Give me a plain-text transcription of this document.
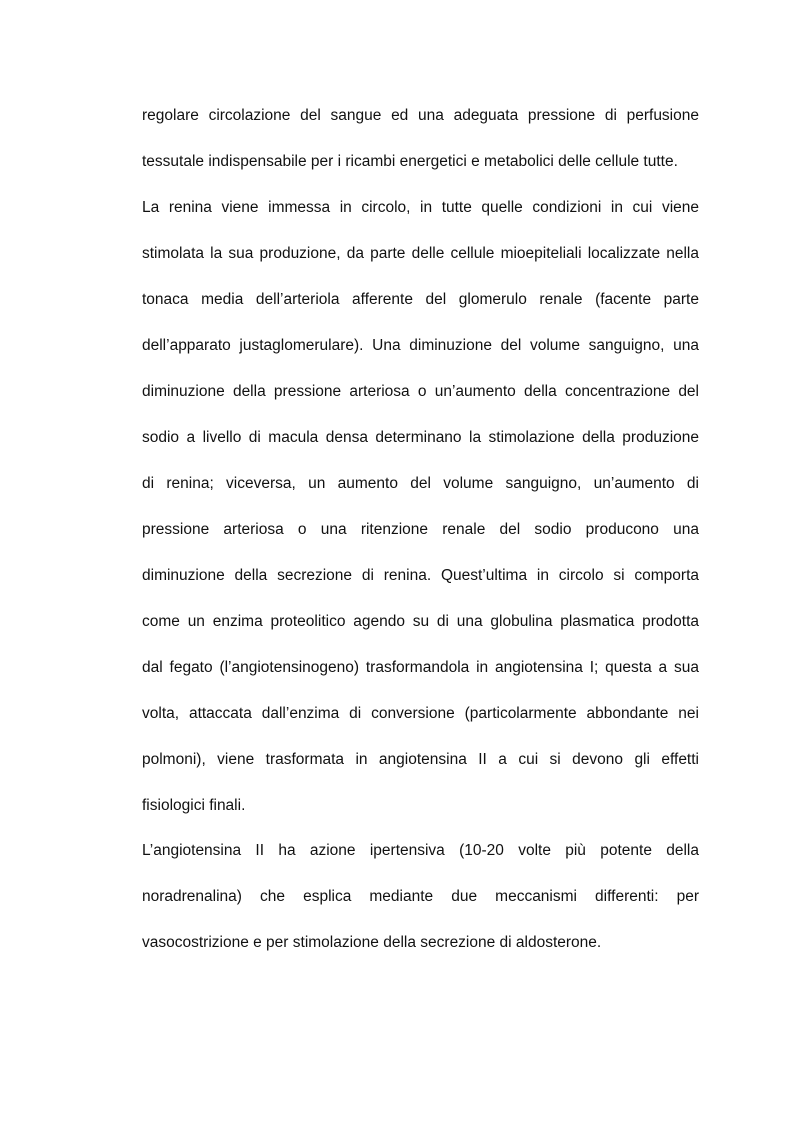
regolare circolazione del sangue ed una adeguata pressione di perfusione
tessutale indispensabile per i ricambi energetici e metabolici delle cellule tutte.
La renina viene immessa in circolo, in tutte quelle condizioni in cui viene
stimolata la sua produzione, da parte delle cellule mioepiteliali localizzate nella
tonaca media dell’arteriola afferente del glomerulo renale (facente parte
dell’apparato justaglomerulare). Una diminuzione del volume sanguigno, una
diminuzione della pressione arteriosa o un’aumento della concentrazione del
sodio a livello di macula densa determinano la stimolazione della produzione
di renina; viceversa, un aumento del volume sanguigno, un’aumento di
pressione arteriosa o una ritenzione renale del sodio producono una
diminuzione della secrezione di renina. Quest’ultima in circolo si comporta
come un enzima proteolitico agendo su di una globulina plasmatica prodotta
dal fegato (l’angiotensinogeno) trasformandola in angiotensina I; questa a sua
volta, attaccata dall’enzima di conversione (particolarmente abbondante nei
polmoni), viene trasformata in angiotensina II a cui si devono gli effetti
fisiologici finali.
L’angiotensina II ha azione ipertensiva (10-20 volte più potente della
noradrenalina) che esplica mediante due meccanismi differenti: per
vasocostrizione e per stimolazione della secrezione di aldosterone.
